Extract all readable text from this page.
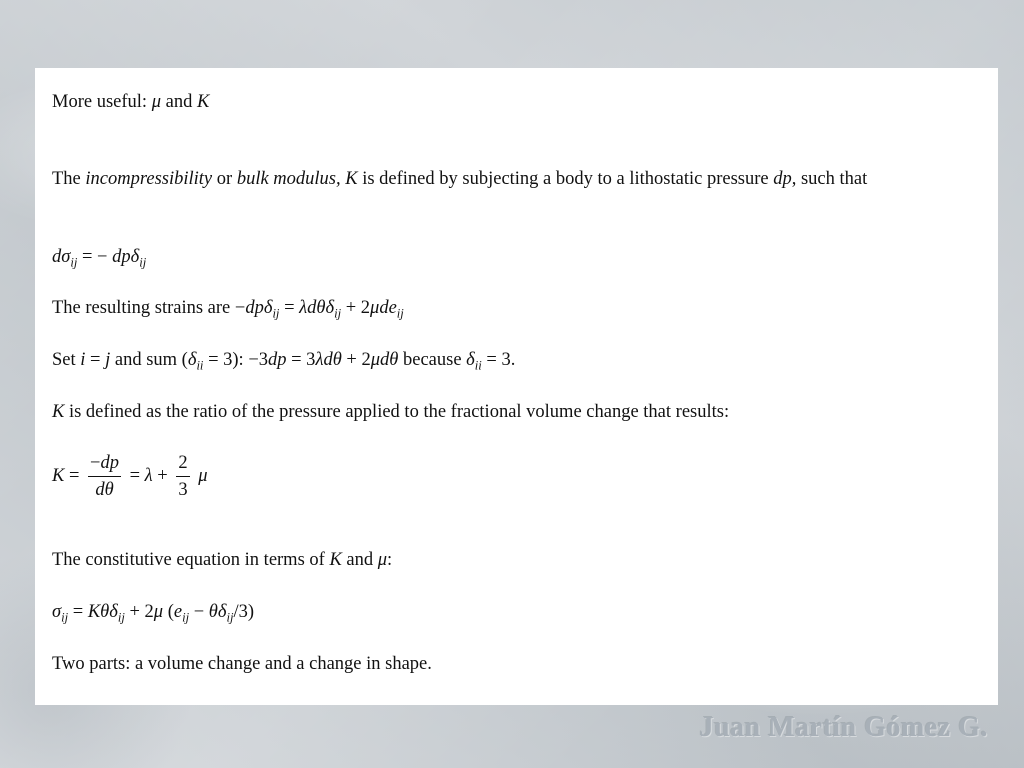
More useful: μ and K
The incompressibility or bulk modulus, K is defined by subjecting a body to a lithostatic pressure dp, such that
$d\sigma_{ij}$ = − dpδ$_{ij}$
The resulting strains are −dpδ$_{ij}$ = λdθδ$_{ij}$ + 2μde$_{ij}$
Set i = j and sum $(\delta_{ii} = 3)$: −3dp = 3λdθ + 2μdθ because $\delta_{ii} = 3$.
K is defined as the ratio of the pressure applied to the fractional volume change that results:
$K = \frac{-dp}{d\theta} = \lambda + \frac{2}{3}$ μ
The constitutive equation in terms of K and μ:
$\sigma_{ij} = K\theta\delta_{ij} + 2\mu$ $(e_{ij} - \theta\delta_{ij}/3)$
Two parts: a volume change and a change in shape.
Juan Martín Gómez G.
